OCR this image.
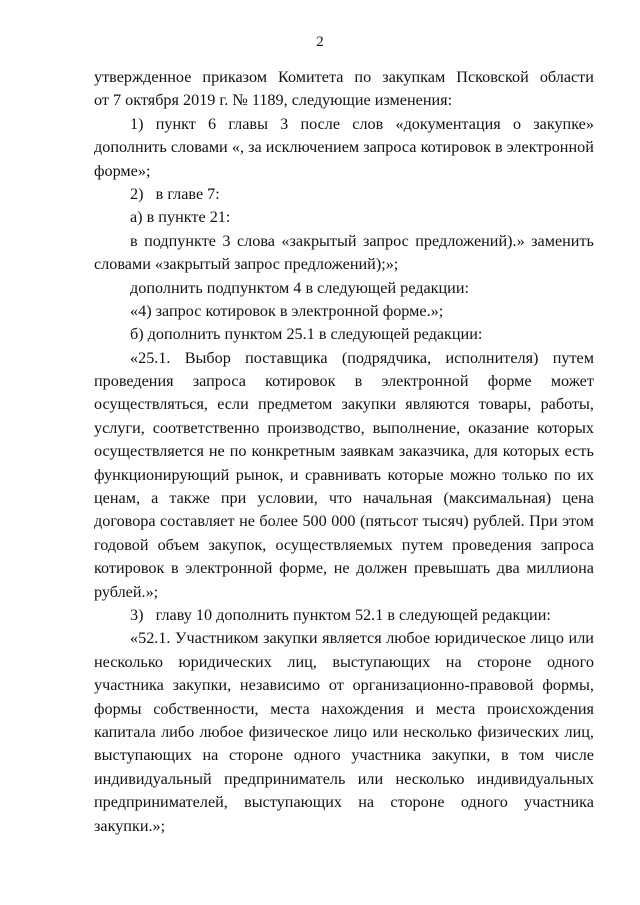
2
утвержденное приказом Комитета по закупкам Псковской области
от 7 октября 2019 г. № 1189, следующие изменения:
1) пункт 6 главы 3 после слов «документация о закупке»
дополнить словами «, за исключением запроса котировок в электронной
форме»;
2)   в главе 7:
а) в пункте 21:
в подпункте 3 слова «закрытый запрос предложений).» заменить
словами «закрытый запрос предложений);»;
дополнить подпунктом 4 в следующей редакции:
«4) запрос котировок в электронной форме.»;
б) дополнить пунктом 25.1 в следующей редакции:
«25.1. Выбор поставщика (подрядчика, исполнителя) путем
проведения запроса котировок в электронной форме может
осуществляться, если предметом закупки являются товары, работы,
услуги, соответственно производство, выполнение, оказание которых
осуществляется не по конкретным заявкам заказчика, для которых есть
функционирующий рынок, и сравнивать которые можно только по их
ценам, а также при условии, что начальная (максимальная) цена
договора составляет не более 500 000 (пятьсот тысяч) рублей. При этом
годовой объем закупок, осуществляемых путем проведения запроса
котировок в электронной форме, не должен превышать два миллиона
рублей.»;
3)   главу 10 дополнить пунктом 52.1 в следующей редакции:
«52.1. Участником закупки является любое юридическое лицо или
несколько юридических лиц, выступающих на стороне одного
участника закупки, независимо от организационно-правовой формы,
формы собственности, места нахождения и места происхождения
капитала либо любое физическое лицо или несколько физических лиц,
выступающих на стороне одного участника закупки, в том числе
индивидуальный предприниматель или несколько индивидуальных
предпринимателей, выступающих на стороне одного участника
закупки.»;
